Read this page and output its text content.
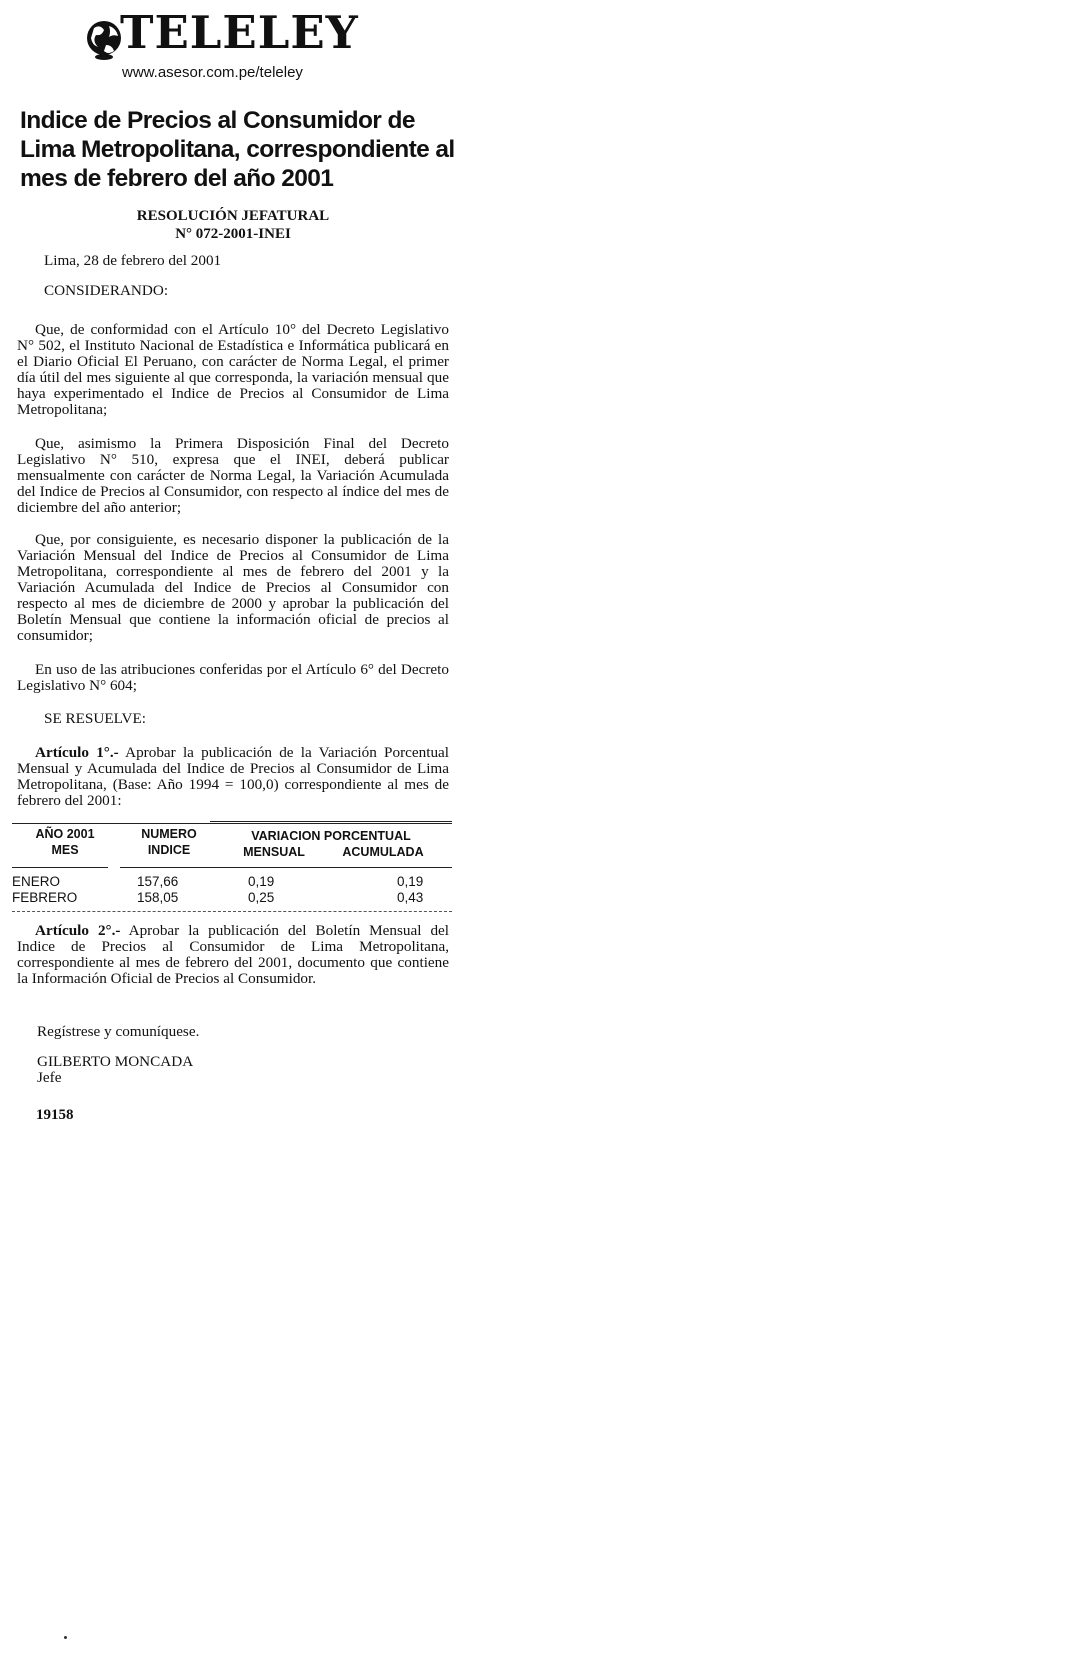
TELELEY
www.asesor.com.pe/teleley
Indice de Precios al Consumidor de Lima Metropolitana, correspondiente al mes de febrero del año 2001
RESOLUCIÓN JEFATURAL
N° 072-2001-INEI
Lima, 28 de febrero del 2001
CONSIDERANDO:
Que, de conformidad con el Artículo 10° del Decreto Legislativo N° 502, el Instituto Nacional de Estadística e Informática publicará en el Diario Oficial El Peruano, con carácter de Norma Legal, el primer día útil del mes siguiente al que corresponda, la variación mensual que haya experimentado el Indice de Precios al Consumidor de Lima Metropolitana;
Que, asimismo la Primera Disposición Final del Decreto Legislativo N° 510, expresa que el INEI, deberá publicar mensualmente con carácter de Norma Legal, la Variación Acumulada del Indice de Precios al Consumidor, con respecto al índice del mes de diciembre del año anterior;
Que, por consiguiente, es necesario disponer la publicación de la Variación Mensual del Indice de Precios al Consumidor de Lima Metropolitana, correspondiente al mes de febrero del 2001 y la Variación Acumulada del Indice de Precios al Consumidor con respecto al mes de diciembre de 2000 y aprobar la publicación del Boletín Mensual que contiene la información oficial de precios al consumidor;
En uso de las atribuciones conferidas por el Artículo 6° del Decreto Legislativo N° 604;
SE RESUELVE:
Artículo 1°.- Aprobar la publicación de la Variación Porcentual Mensual y Acumulada del Indice de Precios al Consumidor de Lima Metropolitana, (Base: Año 1994 = 100,0) correspondiente al mes de febrero del 2001:
AÑO 2001
MES
NUMERO
INDICE
VARIACION PORCENTUAL
MENSUAL	ACUMULADA
ENERO	157,66	0,19	0,19
FEBRERO	158,05	0,25	0,43
Artículo 2°.- Aprobar la publicación del Boletín Mensual del Indice de Precios al Consumidor de Lima Metropolitana, correspondiente al mes de febrero del 2001, documento que contiene la Información Oficial de Precios al Consumidor.
Regístrese y comuníquese.
GILBERTO MONCADA
Jefe
19158
